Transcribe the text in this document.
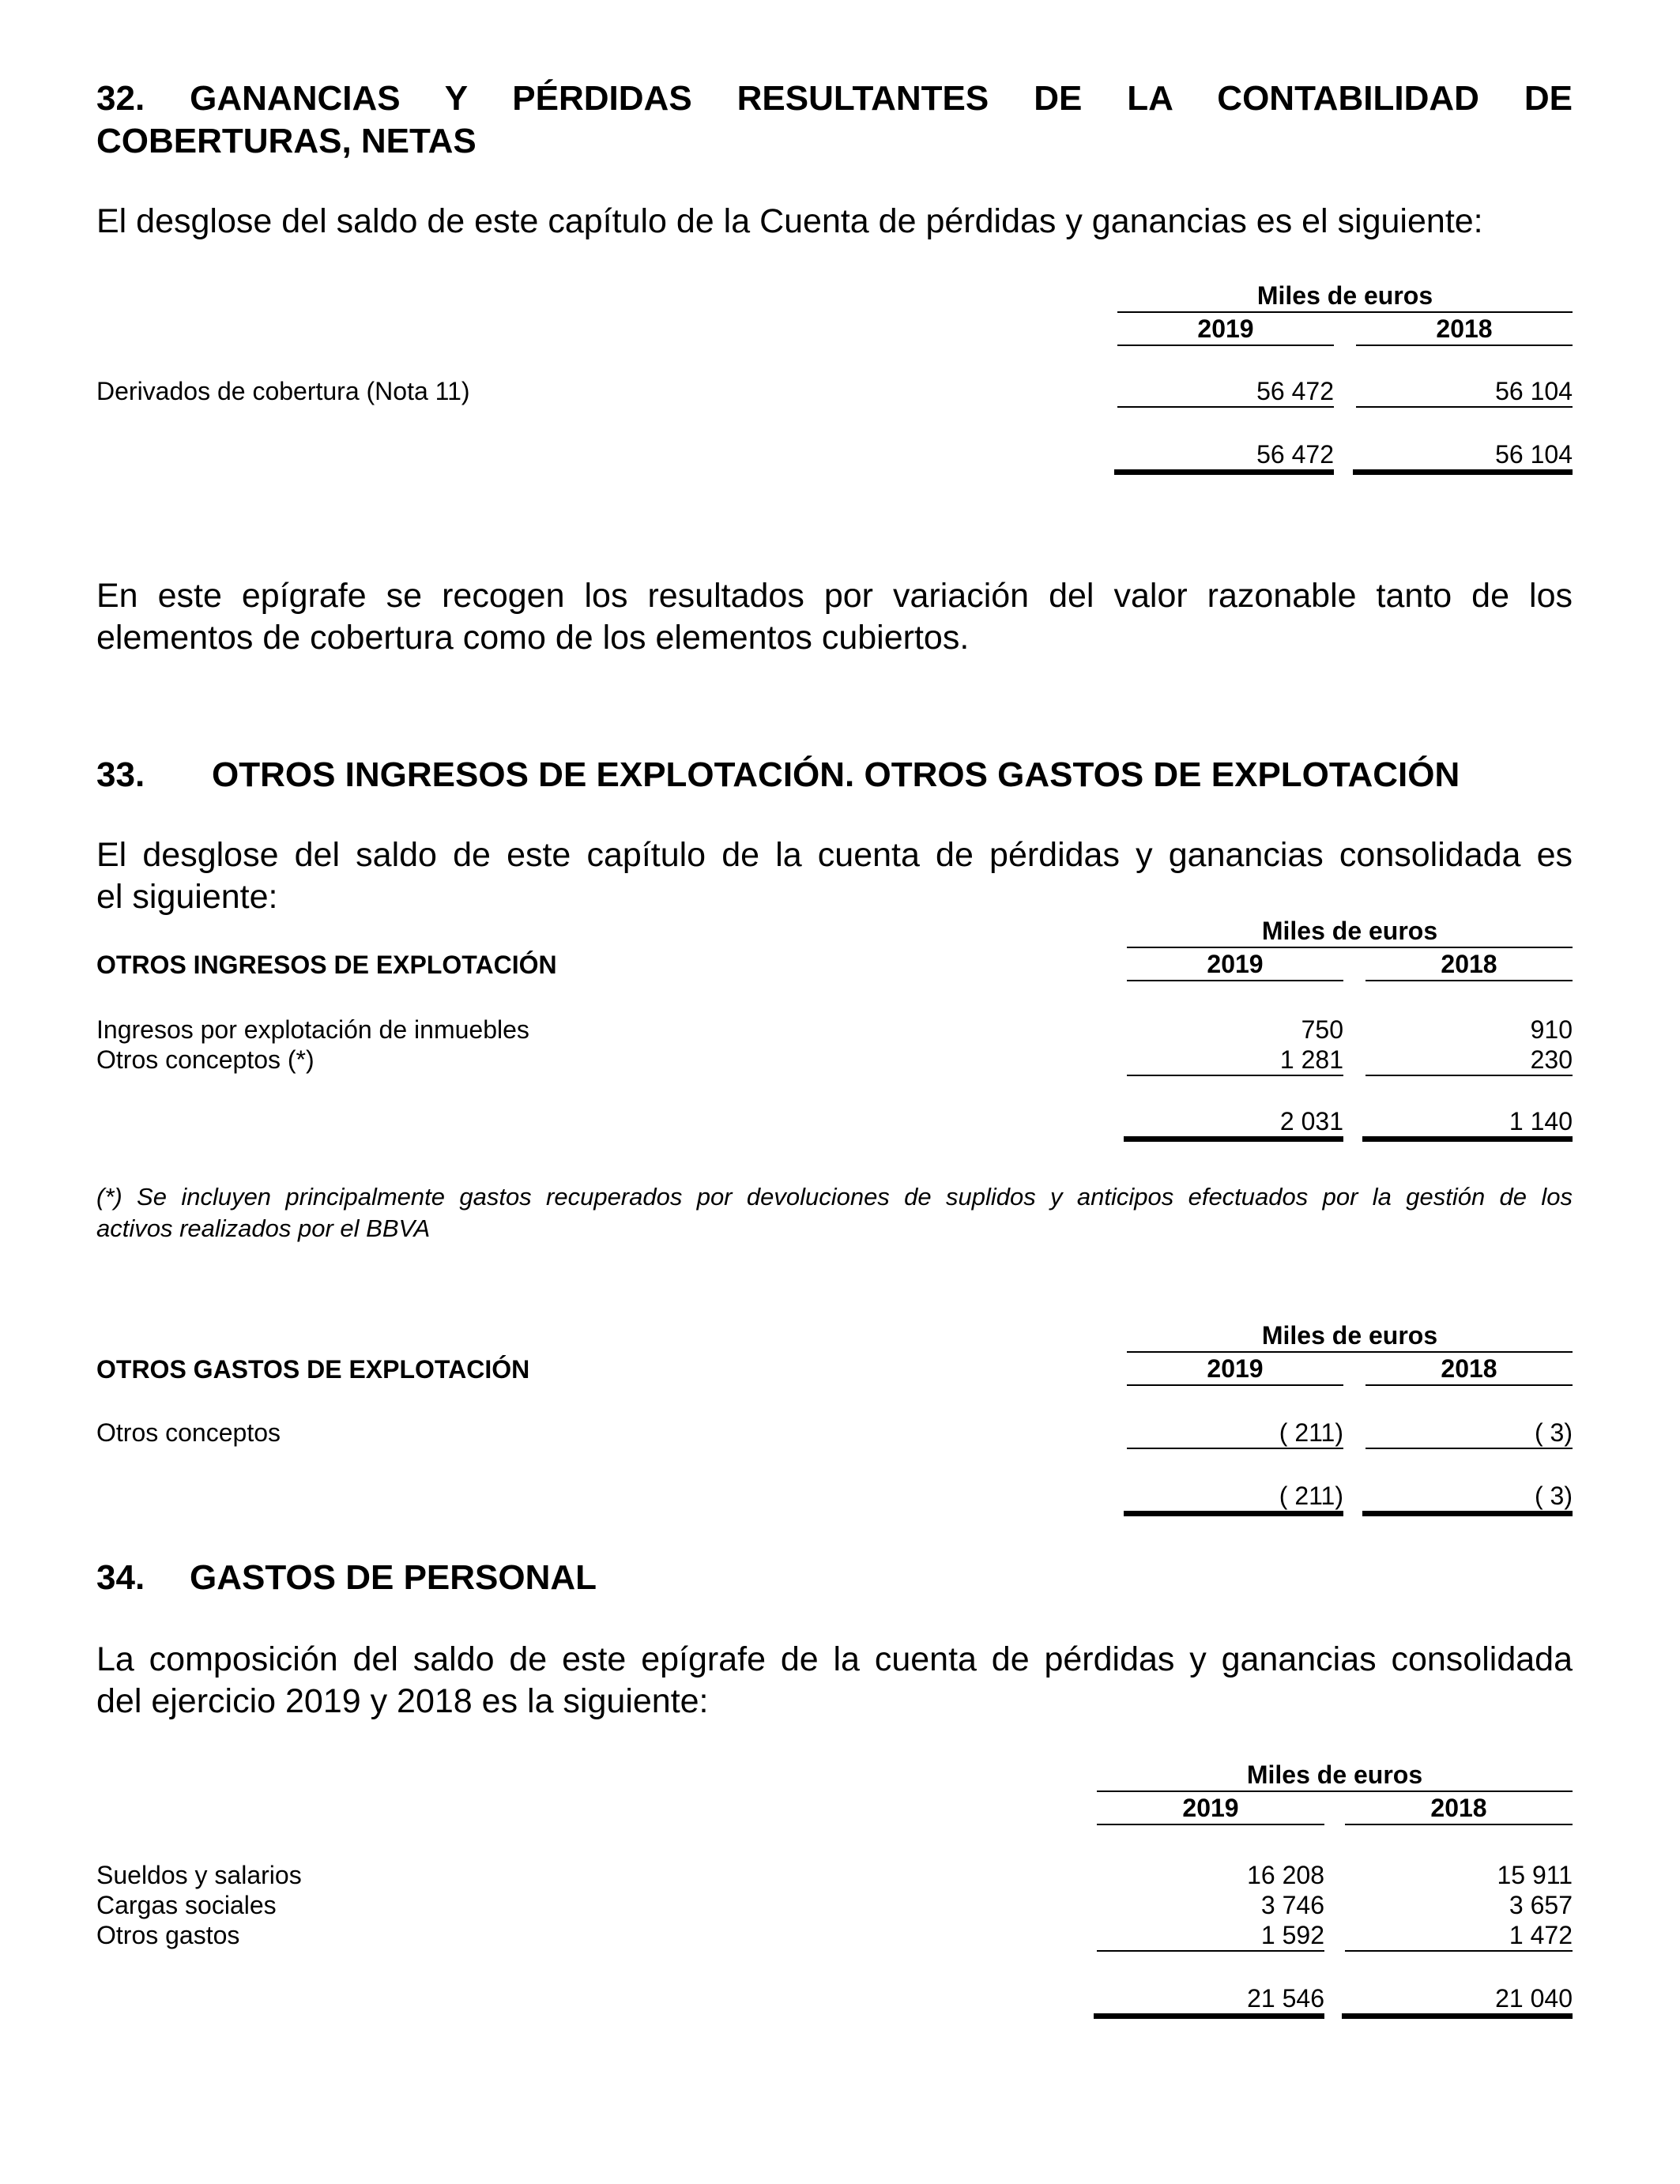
32. GANANCIAS Y PÉRDIDAS RESULTANTES DE LA CONTABILIDAD DE
COBERTURAS, NETAS
El desglose del saldo de este capítulo de la Cuenta de pérdidas y ganancias es el siguiente:
Miles de euros
2019	2018
Derivados de cobertura (Nota 11)	56 472	56 104
56 472	56 104
En este epígrafe se recogen los resultados por variación del valor razonable tanto de los
elementos de cobertura como de los elementos cubiertos.
33. OTROS INGRESOS DE EXPLOTACIÓN. OTROS GASTOS DE EXPLOTACIÓN
El desglose del saldo de este capítulo de la cuenta de pérdidas y ganancias consolidada es
el siguiente:
Miles de euros
OTROS INGRESOS DE EXPLOTACIÓN	2019	2018
Ingresos por explotación de inmuebles	750	910
Otros conceptos (*)	1 281	230
2 031	1 140
(*) Se incluyen principalmente gastos recuperados por devoluciones de suplidos y anticipos efectuados por la gestión de los
activos realizados por el BBVA
Miles de euros
OTROS GASTOS DE EXPLOTACIÓN	2019	2018
Otros conceptos	( 211)	( 3)
( 211)	( 3)
34. GASTOS DE PERSONAL
La composición del saldo de este epígrafe de la cuenta de pérdidas y ganancias consolidada
del ejercicio 2019 y 2018 es la siguiente:
Miles de euros
2019	2018
Sueldos y salarios	16 208	15 911
Cargas sociales	3 746	3 657
Otros gastos	1 592	1 472
21 546	21 040
